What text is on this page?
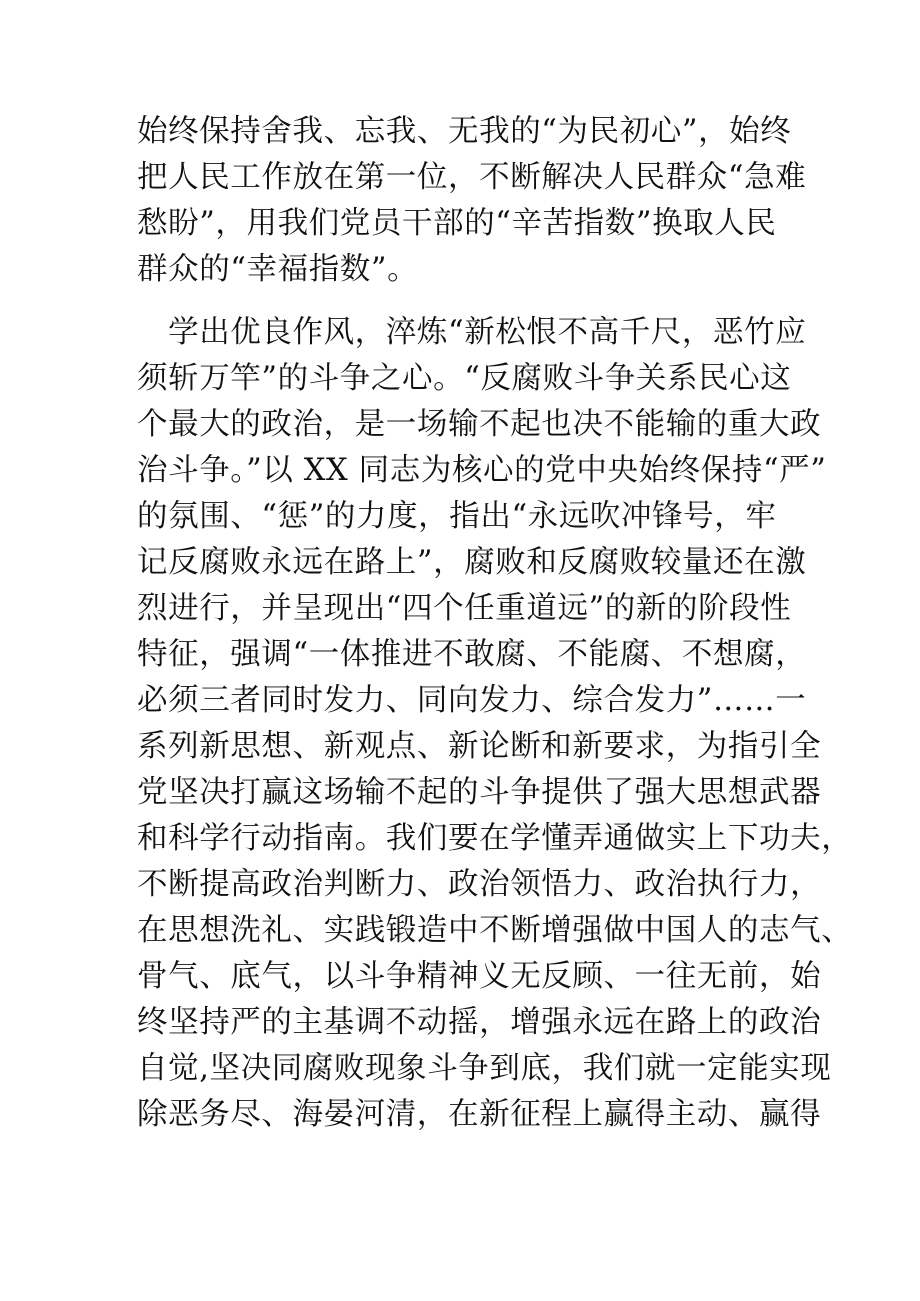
始终保持舍我、忘我、无我的“为民初心”，始终
把人民工作放在第一位，不断解决人民群众“急难
愁盼”，用我们党员干部的“辛苦指数”换取人民
群众的“幸福指数”。
　学出优良作风，淬炼“新松恨不高千尺，恶竹应
须斩万竿”的斗争之心。“反腐败斗争关系民心这
个最大的政治，是一场输不起也决不能输的重大政
治斗争。”以 XX 同志为核心的党中央始终保持“严”
的氛围、“惩”的力度，指出“永远吹冲锋号，牢
记反腐败永远在路上”，腐败和反腐败较量还在激
烈进行，并呈现出“四个任重道远”的新的阶段性
特征，强调“一体推进不敢腐、不能腐、不想腐，
必须三者同时发力、同向发力、综合发力”……一
系列新思想、新观点、新论断和新要求，为指引全
党坚决打赢这场输不起的斗争提供了强大思想武器
和科学行动指南。我们要在学懂弄通做实上下功夫，
不断提高政治判断力、政治领悟力、政治执行力，
在思想洗礼、实践锻造中不断增强做中国人的志气、
骨气、底气，以斗争精神义无反顾、一往无前，始
终坚持严的主基调不动摇，增强永远在路上的政治
自觉,坚决同腐败现象斗争到底，我们就一定能实现
除恶务尽、海晏河清，在新征程上赢得主动、赢得
